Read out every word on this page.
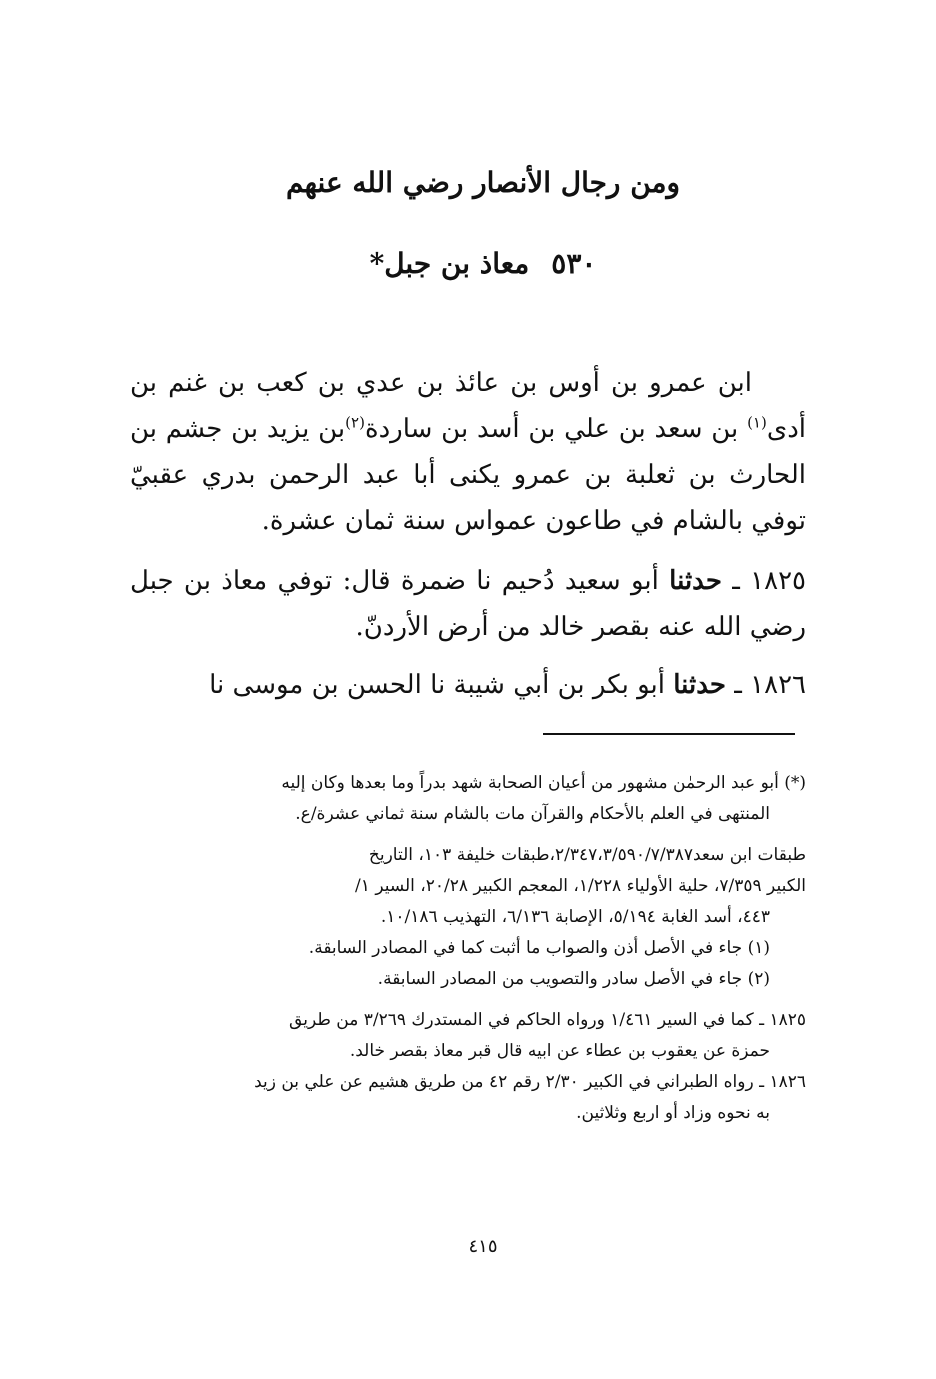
ومن رجال الأنصار رضي الله عنهم
٥٣٠معاذ بن جبل*

ابن عمرو بن أوس بن عائذ بن عدي بن كعب بن غنم بن أدى$^{(١)}$ بن سعد بن علي بن أسد بن ساردة$^{(٢)}$بن يزيد بن جشم بن الحارث بن ثعلبة بن عمرو يكنى أبا عبد الرحمن بدري عقبيّ توفي بالشام في طاعون عمواس سنة ثمان عشرة.

١٨٢٥ ـ حدثنا أبو سعيد دُحيم نا ضمرة قال: توفي معاذ بن جبل رضي الله عنه بقصر خالد من أرض الأردنّ.

١٨٢٦ ـ حدثنا أبو بكر بن أبي شيبة نا الحسن بن موسى نا

(*) أبو عبد الرحمٰن مشهور من أعيان الصحابة شهد بدراً وما بعدها وكان إليه

المنتهى في العلم بالأحكام والقرآن مات بالشام سنة ثماني عشرة/ع.

طبقات ابن سعد٢/٣٤٧،٣/٥٩٠/٧/٣٨٧،طبقات خليفة ١٠٣، التاريخ

الكبير ٧/٣٥٩، حلية الأولياء ١/٢٢٨، المعجم الكبير ٢٠/٢٨، السير ١/

٤٤٣، أسد الغابة ٥/١٩٤، الإصابة ٦/١٣٦، التهذيب ١٠/١٨٦.

(١) جاء في الأصل أذن والصواب ما أثبت كما في المصادر السابقة.

(٢) جاء في الأصل سادر والتصويب من المصادر السابقة.

١٨٢٥ ـ كما في السير ١/٤٦١ ورواه الحاكم في المستدرك ٣/٢٦٩ من طريق

حمزة عن يعقوب بن عطاء عن ابيه قال قبر معاذ بقصر خالد.

١٨٢٦ ـ رواه الطبراني في الكبير ٢/٣٠ رقم ٤٢ من طريق هشيم عن علي بن زيد

به نحوه وزاد أو اربع وثلاثين.

٤١٥
